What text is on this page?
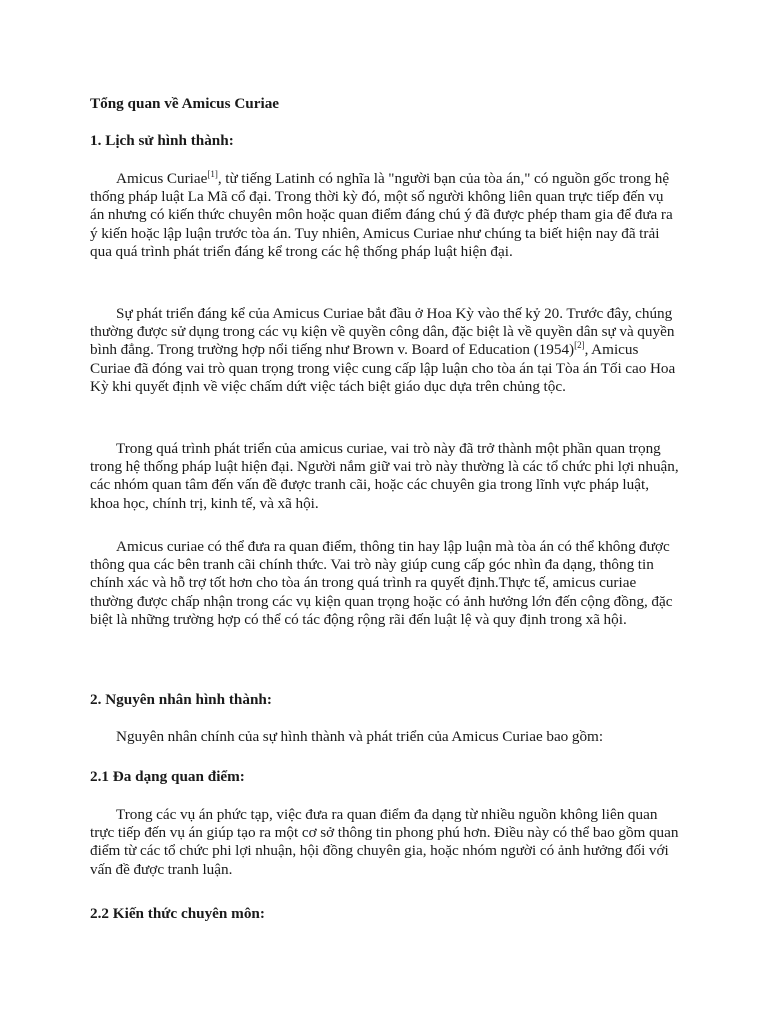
Tổng quan về Amicus Curiae
1. Lịch sử hình thành:

Amicus Curiae[1], từ tiếng Latinh có nghĩa là "người bạn của tòa án," có nguồn gốc trong hệ thống pháp luật La Mã cổ đại. Trong thời kỳ đó, một số người không liên quan trực tiếp đến vụ án nhưng có kiến thức chuyên môn hoặc quan điểm đáng chú ý đã được phép tham gia để đưa ra ý kiến hoặc lập luận trước tòa án. Tuy nhiên, Amicus Curiae như chúng ta biết hiện nay đã trải qua quá trình phát triển đáng kể trong các hệ thống pháp luật hiện đại.

Sự phát triển đáng kể của Amicus Curiae bắt đầu ở Hoa Kỳ vào thế kỷ 20. Trước đây, chúng thường được sử dụng trong các vụ kiện về quyền công dân, đặc biệt là về quyền dân sự và quyền bình đẳng. Trong trường hợp nổi tiếng như Brown v. Board of Education (1954)[2], Amicus Curiae đã đóng vai trò quan trọng trong việc cung cấp lập luận cho tòa án tại Tòa án Tối cao Hoa Kỳ khi quyết định về việc chấm dứt việc tách biệt giáo dục dựa trên chủng tộc.

Trong quá trình phát triển của amicus curiae, vai trò này đã trở thành một phần quan trọng trong hệ thống pháp luật hiện đại. Người nắm giữ vai trò này thường là các tổ chức phi lợi nhuận, các nhóm quan tâm đến vấn đề được tranh cãi, hoặc các chuyên gia trong lĩnh vực pháp luật, khoa học, chính trị, kinh tế, và xã hội.

Amicus curiae có thể đưa ra quan điểm, thông tin hay lập luận mà tòa án có thể không được thông qua các bên tranh cãi chính thức. Vai trò này giúp cung cấp góc nhìn đa dạng, thông tin chính xác và hỗ trợ tốt hơn cho tòa án trong quá trình ra quyết định.Thực tế, amicus curiae thường được chấp nhận trong các vụ kiện quan trọng hoặc có ảnh hưởng lớn đến cộng đồng, đặc biệt là những trường hợp có thể có tác động rộng rãi đến luật lệ và quy định trong xã hội.

2. Nguyên nhân hình thành:

Nguyên nhân chính của sự hình thành và phát triển của Amicus Curiae bao gồm:

2.1 Đa dạng quan điểm:

Trong các vụ án phức tạp, việc đưa ra quan điểm đa dạng từ nhiều nguồn không liên quan trực tiếp đến vụ án giúp tạo ra một cơ sở thông tin phong phú hơn. Điều này có thể bao gồm quan điểm từ các tổ chức phi lợi nhuận, hội đồng chuyên gia, hoặc nhóm người có ảnh hưởng đối với vấn đề được tranh luận.

2.2 Kiến thức chuyên môn:
